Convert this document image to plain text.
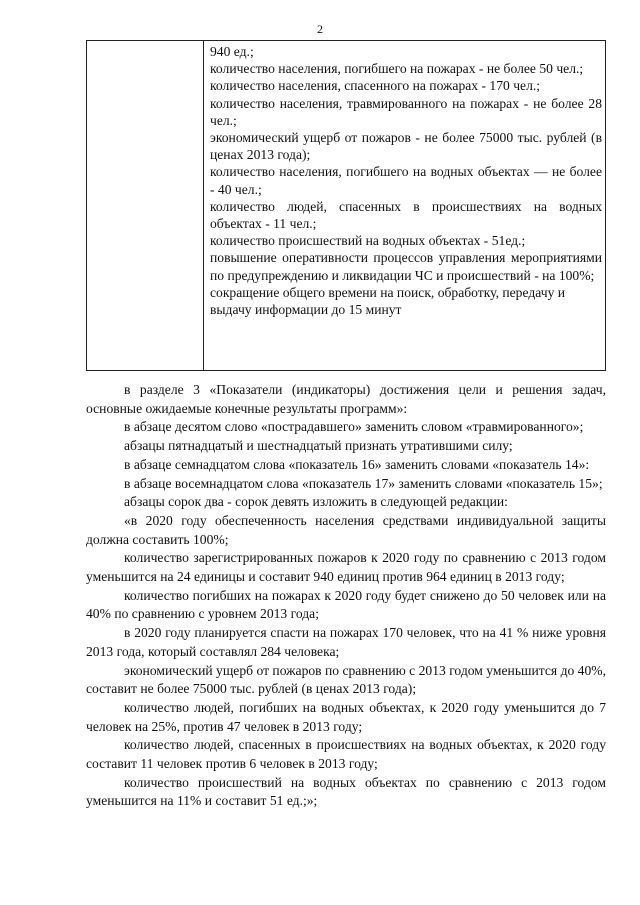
2

940 ед.;

количество населения, погибшего на пожарах - не более 50 чел.;

количество населения, спасенного на пожарах - 170 чел.;

количество населения, травмированного на пожарах - не более 28 чел.;

экономический ущерб от пожаров - не более 75000 тыс. рублей (в ценах 2013 года);

количество населения, погибшего на водных объектах — не более - 40 чел.;

количество людей, спасенных в происшествиях на водных объектах - 11 чел.;

количество происшествий на водных объектах - 51ед.;

повышение оперативности процессов управления мероприятиями по предупреждению и ликвидации ЧС и происшествий - на 100%;

сокращение общего времени на поиск, обработку, передачу и выдачу информации до 15 минут

в разделе 3 «Показатели (индикаторы) достижения цели и решения задач, основные ожидаемые конечные результаты программ»:

в абзаце десятом слово «пострадавшего» заменить словом «травмированного»;

абзацы пятнадцатый и шестнадцатый признать утратившими силу;

в абзаце семнадцатом слова «показатель 16» заменить словами «показатель 14»:

в абзаце восемнадцатом слова «показатель 17» заменить словами «показатель 15»;

абзацы сорок два - сорок девять изложить в следующей редакции:

«в 2020 году обеспеченность населения средствами индивидуальной защиты должна составить 100%;

количество зарегистрированных пожаров к 2020 году по сравнению с 2013 годом уменьшится на 24 единицы и составит 940 единиц против 964 единиц в 2013 году;

количество погибших на пожарах к 2020 году будет снижено до 50 человек или на 40% по сравнению с уровнем 2013 года;

в 2020 году планируется спасти на пожарах 170 человек, что на 41 % ниже уровня 2013 года, который составлял 284 человека;

экономический ущерб от пожаров по сравнению с 2013 годом уменьшится до 40%, составит не более 75000 тыс. рублей (в ценах 2013 года);

количество людей, погибших на водных объектах, к 2020 году уменьшится до 7 человек на 25%, против 47 человек в 2013 году;

количество людей, спасенных в происшествиях на водных объектах, к 2020 году составит 11 человек против 6 человек в 2013 году;

количество происшествий на водных объектах по сравнению с 2013 годом уменьшится на 11% и составит 51 ед.;»;
